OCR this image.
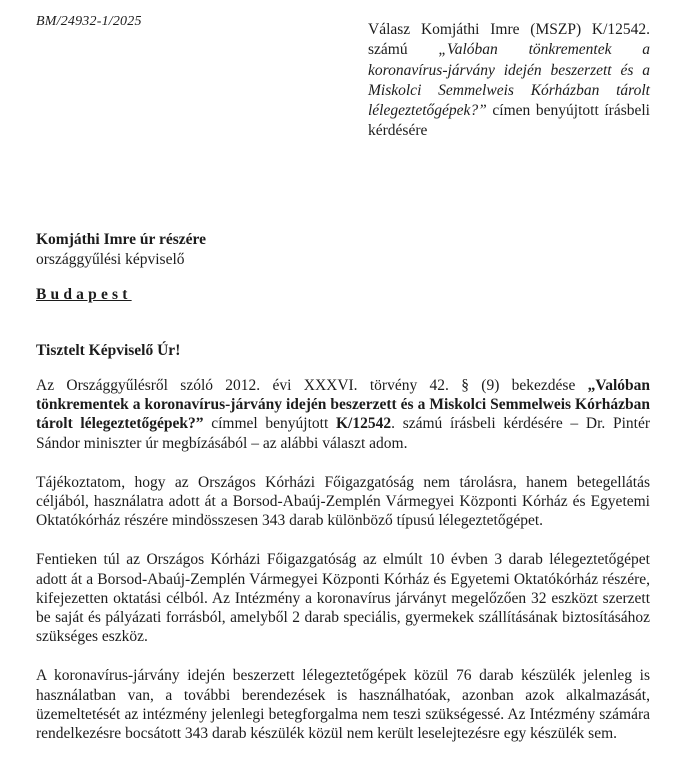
BM/24932-1/2025	Válasz Komjáthi Imre (MSZP) K/12542. számú „Valóban tönkrementek a koronavírus-járvány idején beszerzett és a Miskolci Semmelweis Kórházban tárolt lélegeztetőgépek?” címen benyújtott írásbeli kérdésére
Komjáthi Imre úr részére
országgyűlési képviselő
Budapest
Tisztelt Képviselő Úr!

Az Országgyűlésről szóló 2012. évi XXXVI. törvény 42. § (9) bekezdése „Valóban tönkrementek a koronavírus-járvány idején beszerzett és a Miskolci Semmelweis Kórházban tárolt lélegeztetőgépek?” címmel benyújtott K/12542. számú írásbeli kérdésére – Dr. Pintér Sándor miniszter úr megbízásából – az alábbi választ adom.

Tájékoztatom, hogy az Országos Kórházi Főigazgatóság nem tárolásra, hanem betegellátás céljából, használatra adott át a Borsod-Abaúj-Zemplén Vármegyei Központi Kórház és Egyetemi Oktatókórház részére mindösszesen 343 darab különböző típusú lélegeztetőgépet.

Fentieken túl az Országos Kórházi Főigazgatóság az elmúlt 10 évben 3 darab lélegeztetőgépet adott át a Borsod-Abaúj-Zemplén Vármegyei Központi Kórház és Egyetemi Oktatókórház részére, kifejezetten oktatási célból. Az Intézmény a koronavírus járványt megelőzően 32 eszközt szerzett be saját és pályázati forrásból, amelyből 2 darab speciális, gyermekek szállításának biztosításához szükséges eszköz.

A koronavírus-járvány idején beszerzett lélegeztetőgépek közül 76 darab készülék jelenleg is használatban van, a további berendezések is használhatóak, azonban azok alkalmazását, üzemeltetését az intézmény jelenlegi betegforgalma nem teszi szükségessé. Az Intézmény számára rendelkezésre bocsátott 343 darab készülék közül nem került leselejtezésre egy készülék sem.
